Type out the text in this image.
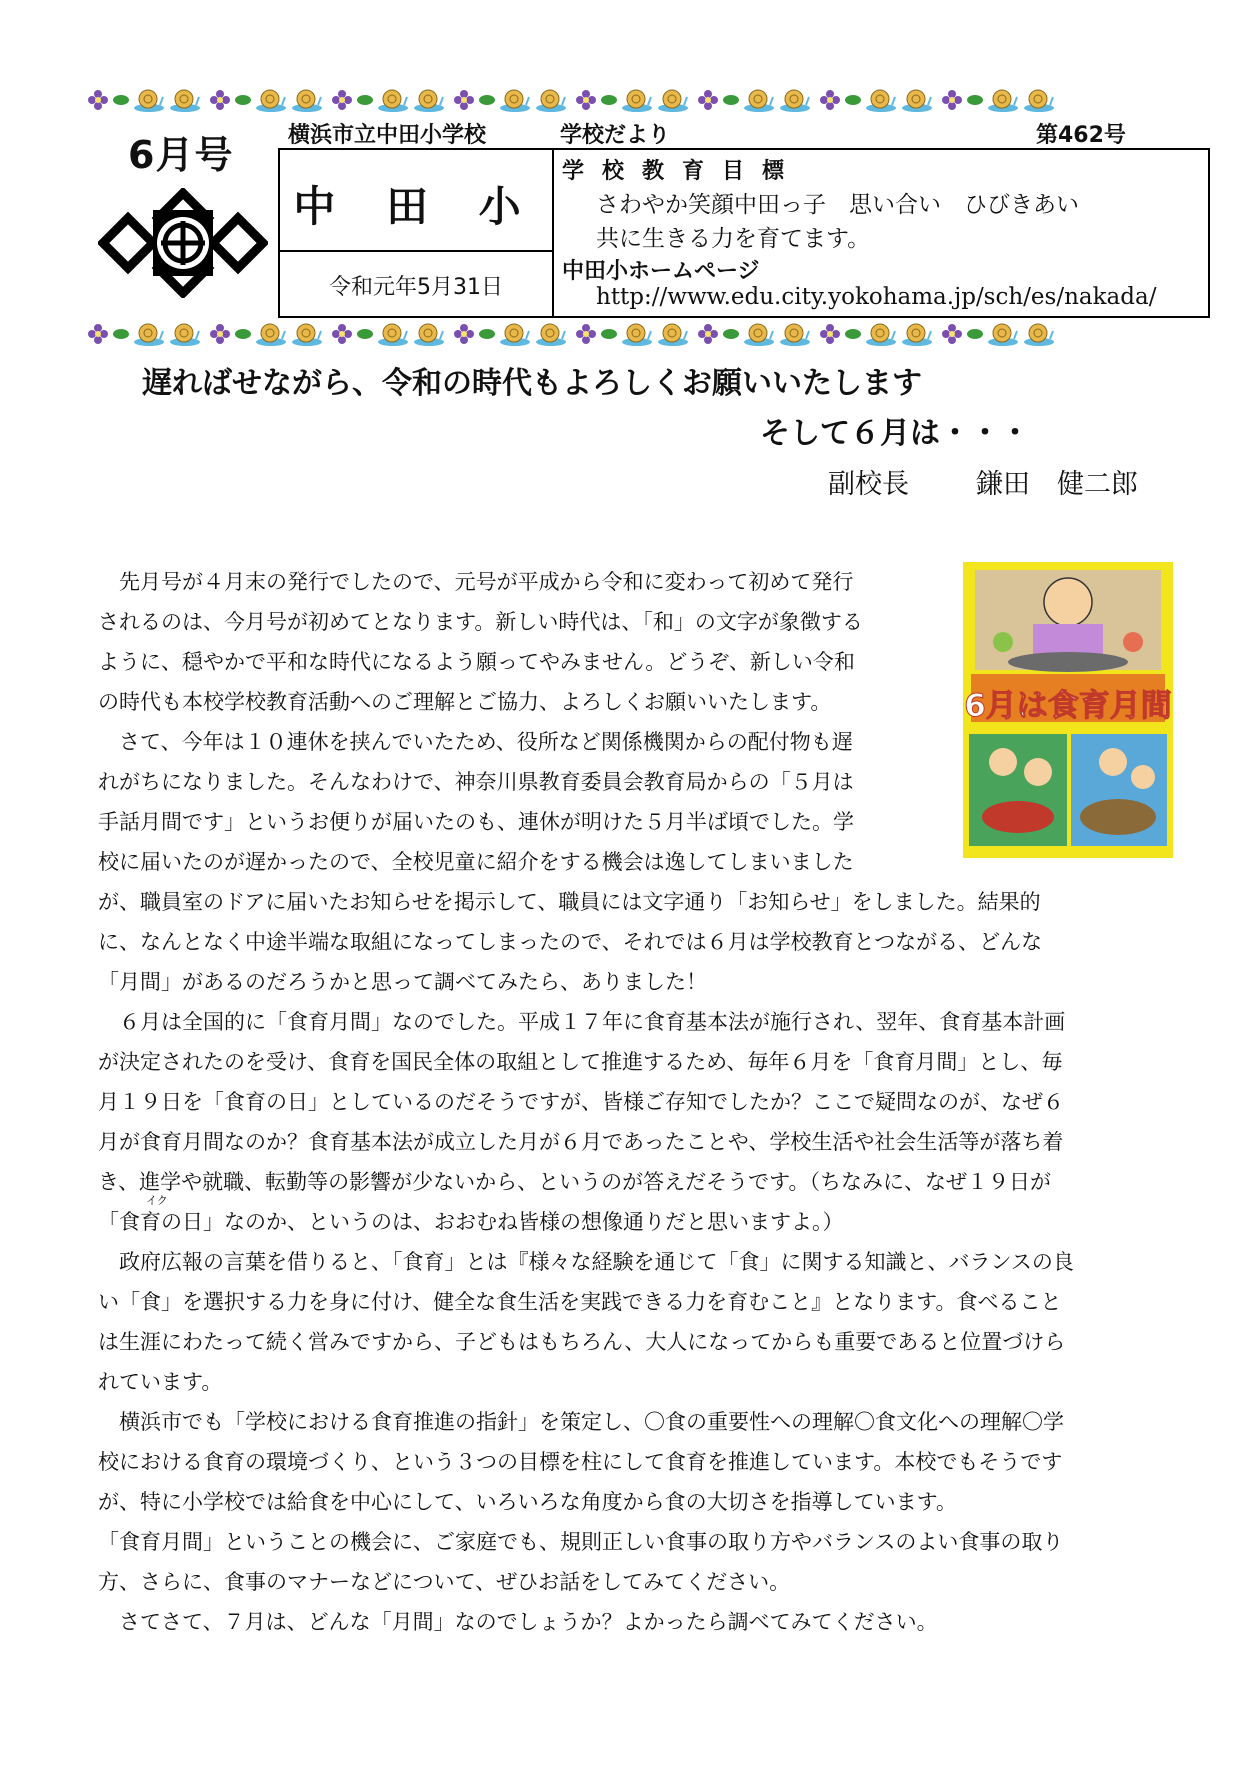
6月号 横浜市立中田小学校	学校だより	第462号
中 田 小
令和元年5月31日
学校教育目標
さわやか笑顔中田っ子　思い合い　ひびきあい
共に生きる力を育てます。
中田小ホームページ
http://www.edu.city.yokohama.jp/sch/es/nakada/
遅ればせながら、令和の時代もよろしくお願いいたします
そして６月は・・・
副校長 鎌田　健二郎
6月は食育月間
　先月号が４月末の発行でしたので、元号が平成から令和に変わって初めて発行
されるのは、今月号が初めてとなります。新しい時代は、「和」の文字が象徴する
ように、穏やかで平和な時代になるよう願ってやみません。どうぞ、新しい令和
の時代も本校学校教育活動へのご理解とご協力、よろしくお願いいたします。
　さて、今年は１０連休を挟んでいたため、役所など関係機関からの配付物も遅
れがちになりました。そんなわけで、神奈川県教育委員会教育局からの「５月は
手話月間です」というお便りが届いたのも、連休が明けた５月半ば頃でした。学
校に届いたのが遅かったので、全校児童に紹介をする機会は逸してしまいました
が、職員室のドアに届いたお知らせを掲示して、職員には文字通り「お知らせ」をしました。結果的
に、なんとなく中途半端な取組になってしまったので、それでは６月は学校教育とつながる、どんな
「月間」があるのだろうかと思って調べてみたら、ありました！
　６月は全国的に「食育月間」なのでした。平成１７年に食育基本法が施行され、翌年、食育基本計画
が決定されたのを受け、食育を国民全体の取組として推進するため、毎年６月を「食育月間」とし、毎
月１９日を「食育の日」としているのだそうですが、皆様ご存知でしたか？ここで疑問なのが、なぜ６
月が食育月間なのか？食育基本法が成立した月が６月であったことや、学校生活や社会生活等が落ち着
き、進学や就職、転勤等の影響が少ないから、というのが答えだそうです。（ちなみに、なぜ１９日が
「食育の日」なのか、というのは、おおむね皆様の想像通りだと思いますよ。）
　政府広報の言葉を借りると、「食育」とは『様々な経験を通じて「食」に関する知識と、バランスの良
い「食」を選択する力を身に付け、健全な食生活を実践できる力を育むこと』となります。食べること
は生涯にわたって続く営みですから、子どもはもちろん、大人になってからも重要であると位置づけら
れています。
　横浜市でも「学校における食育推進の指針」を策定し、〇食の重要性への理解〇食文化への理解〇学
校における食育の環境づくり、という３つの目標を柱にして食育を推進しています。本校でもそうです
が、特に小学校では給食を中心にして、いろいろな角度から食の大切さを指導しています。
「食育月間」ということの機会に、ご家庭でも、規則正しい食事の取り方やバランスのよい食事の取り
方、さらに、食事のマナーなどについて、ぜひお話をしてみてください。
　さてさて、７月は、どんな「月間」なのでしょうか？よかったら調べてみてください。
イク
